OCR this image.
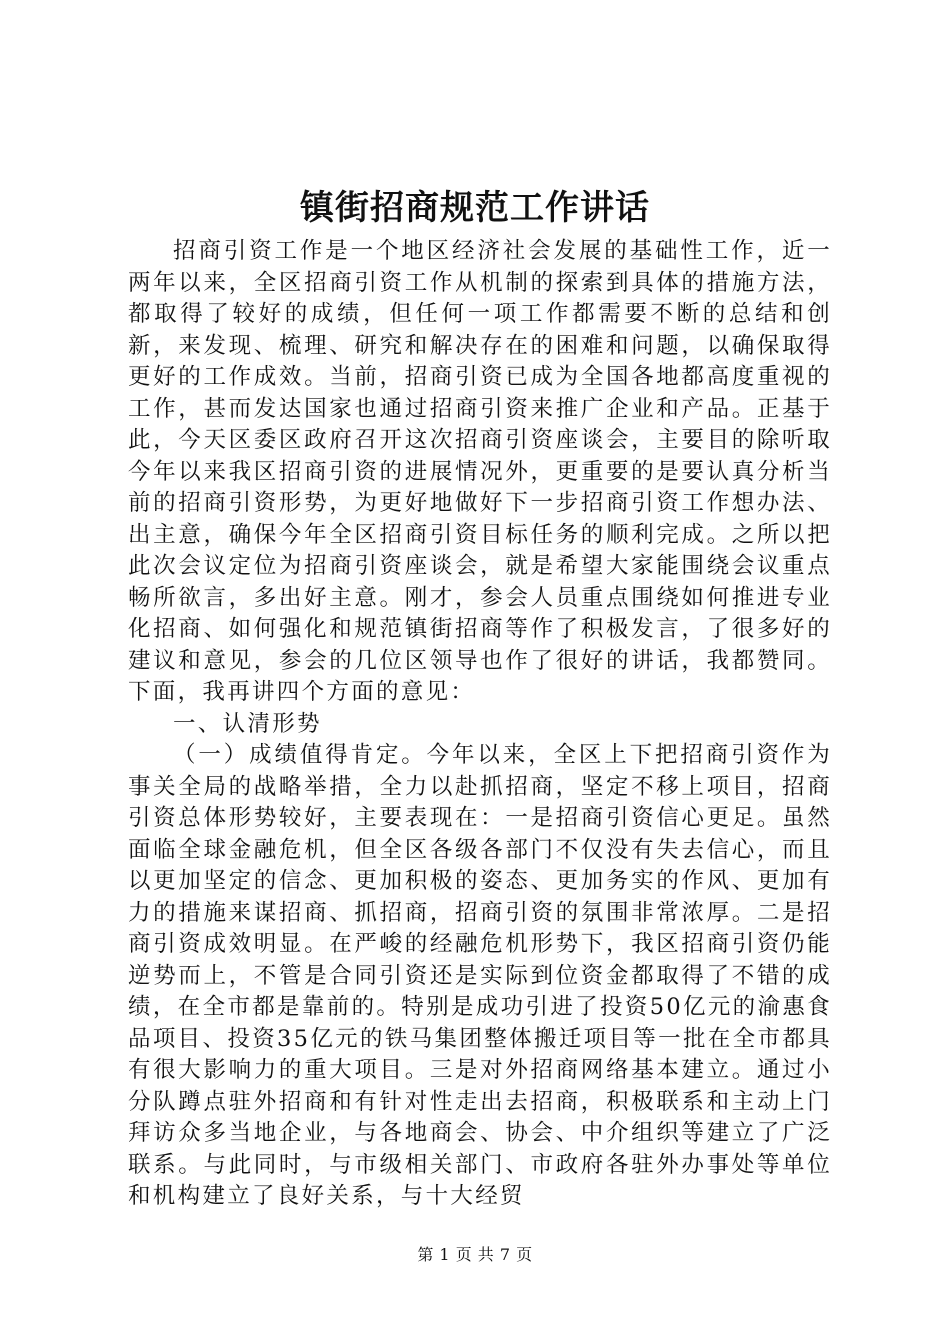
镇街招商规范工作讲话

招商引资工作是一个地区经济社会发展的基础性工作，近一两年以来，全区招商引资工作从机制的探索到具体的措施方法，都取得了较好的成绩，但任何一项工作都需要不断的总结和创新，来发现、梳理、研究和解决存在的困难和问题，以确保取得更好的工作成效。当前，招商引资已成为全国各地都高度重视的工作，甚而发达国家也通过招商引资来推广企业和产品。正基于此，今天区委区政府召开这次招商引资座谈会，主要目的除听取今年以来我区招商引资的进展情况外，更重要的是要认真分析当前的招商引资形势，为更好地做好下一步招商引资工作想办法、出主意，确保今年全区招商引资目标任务的顺利完成。之所以把此次会议定位为招商引资座谈会，就是希望大家能围绕会议重点畅所欲言，多出好主意。刚才，参会人员重点围绕如何推进专业化招商、如何强化和规范镇街招商等作了积极发言，了很多好的建议和意见，参会的几位区领导也作了很好的讲话，我都赞同。下面，我再讲四个方面的意见：

一、认清形势

（一）成绩值得肯定。今年以来，全区上下把招商引资作为事关全局的战略举措，全力以赴抓招商，坚定不移上项目，招商引资总体形势较好，主要表现在：一是招商引资信心更足。虽然面临全球金融危机，但全区各级各部门不仅没有失去信心，而且以更加坚定的信念、更加积极的姿态、更加务实的作风、更加有力的措施来谋招商、抓招商，招商引资的氛围非常浓厚。二是招商引资成效明显。在严峻的经融危机形势下，我区招商引资仍能逆势而上，不管是合同引资还是实际到位资金都取得了不错的成绩，在全市都是靠前的。特别是成功引进了投资50亿元的渝惠食品项目、投资35亿元的铁马集团整体搬迁项目等一批在全市都具有很大影响力的重大项目。三是对外招商网络基本建立。通过小分队蹲点驻外招商和有针对性走出去招商，积极联系和主动上门拜访众多当地企业，与各地商会、协会、中介组织等建立了广泛联系。与此同时，与市级相关部门、市政府各驻外办事处等单位和机构建立了良好关系，与十大经贸

第 1 页 共 7 页
